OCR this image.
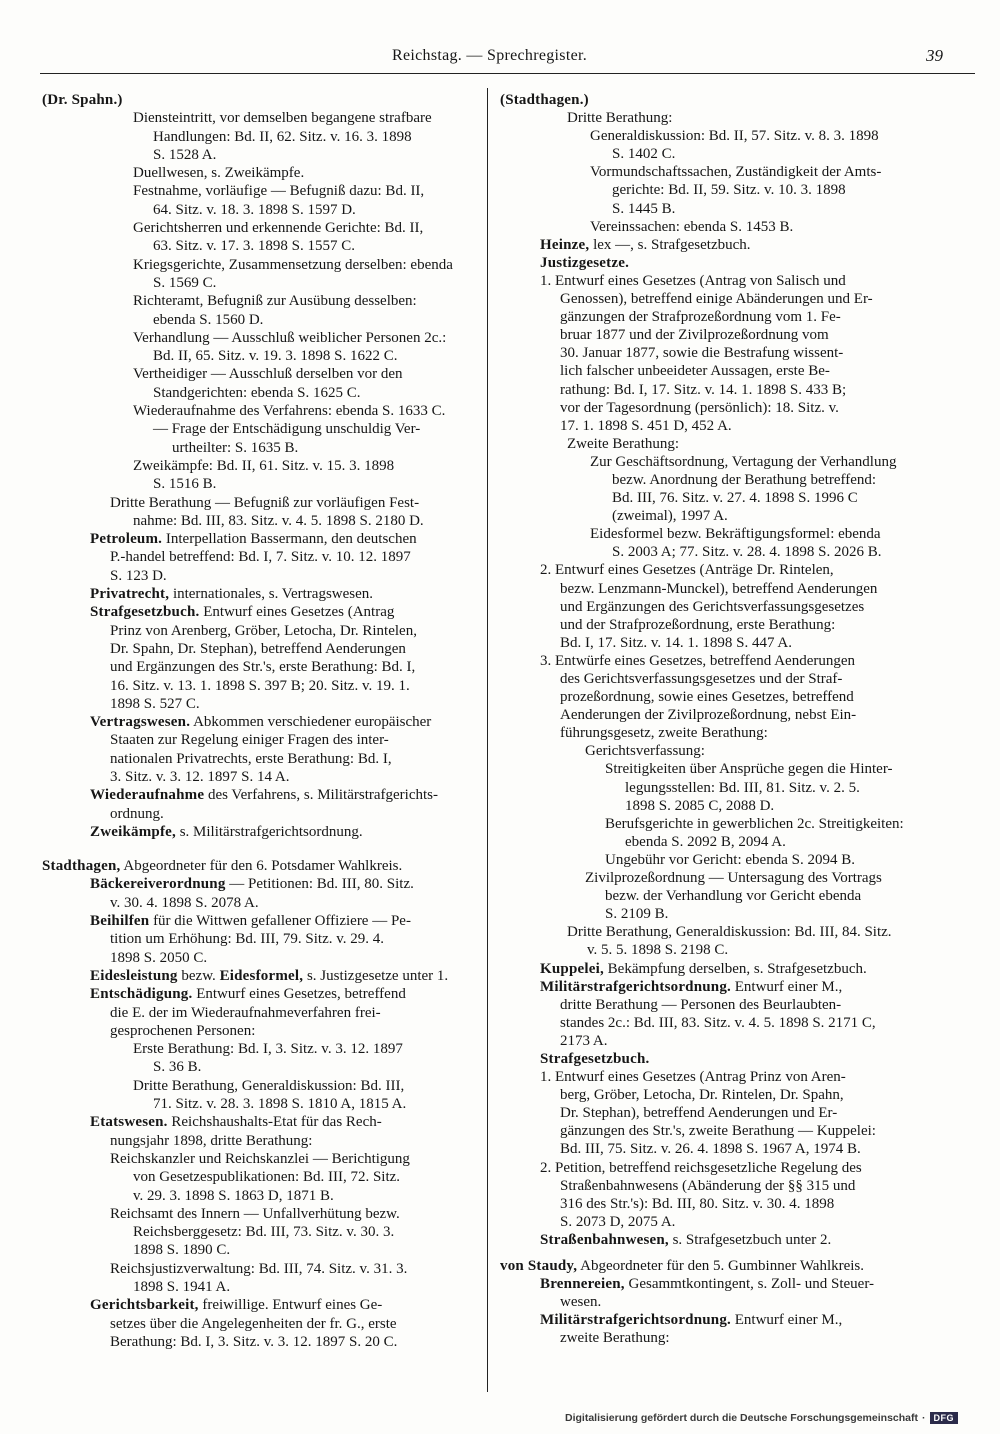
Reichstag. — Sprechregister.	39
(Dr. Spahn.)
Diensteintritt, vor demselben begangene strafbare
Handlungen: Bd. II, 62. Sitz. v. 16. 3. 1898
S. 1528 A.
Duellwesen, s. Zweikämpfe.
Festnahme, vorläufige — Befugniß dazu: Bd. II,
64. Sitz. v. 18. 3. 1898 S. 1597 D.
Gerichtsherren und erkennende Gerichte: Bd. II,
63. Sitz. v. 17. 3. 1898 S. 1557 C.
Kriegsgerichte, Zusammensetzung derselben: ebenda
S. 1569 C.
Richteramt, Befugniß zur Ausübung desselben:
ebenda S. 1560 D.
Verhandlung — Ausschluß weiblicher Personen 2c.:
Bd. II, 65. Sitz. v. 19. 3. 1898 S. 1622 C.
Vertheidiger — Ausschluß derselben vor den
Standgerichten: ebenda S. 1625 C.
Wiederaufnahme des Verfahrens: ebenda S. 1633 C.
— Frage der Entschädigung unschuldig Ver-
urtheilter: S. 1635 B.
Zweikämpfe: Bd. II, 61. Sitz. v. 15. 3. 1898
S. 1516 B.
Dritte Berathung — Befugniß zur vorläufigen Fest-
nahme: Bd. III, 83. Sitz. v. 4. 5. 1898 S. 2180 D.
Petroleum. Interpellation Bassermann, den deutschen
P.-handel betreffend: Bd. I, 7. Sitz. v. 10. 12. 1897
S. 123 D.
Privatrecht, internationales, s. Vertragswesen.
Strafgesetzbuch. Entwurf eines Gesetzes (Antrag
Prinz von Arenberg, Gröber, Letocha, Dr. Rintelen,
Dr. Spahn, Dr. Stephan), betreffend Aenderungen
und Ergänzungen des Str.'s, erste Berathung: Bd. I,
16. Sitz. v. 13. 1. 1898 S. 397 B; 20. Sitz. v. 19. 1.
1898 S. 527 C.
Vertragswesen. Abkommen verschiedener europäischer
Staaten zur Regelung einiger Fragen des inter-
nationalen Privatrechts, erste Berathung: Bd. I,
3. Sitz. v. 3. 12. 1897 S. 14 A.
Wiederaufnahme des Verfahrens, s. Militärstrafgerichts-
ordnung.
Zweikämpfe, s. Militärstrafgerichtsordnung.
Stadthagen, Abgeordneter für den 6. Potsdamer Wahlkreis.
Bäckereiverordnung — Petitionen: Bd. III, 80. Sitz.
v. 30. 4. 1898 S. 2078 A.
Beihilfen für die Wittwen gefallener Offiziere — Pe-
tition um Erhöhung: Bd. III, 79. Sitz. v. 29. 4.
1898 S. 2050 C.
Eidesleistung bezw. Eidesformel, s. Justizgesetze unter 1.
Entschädigung. Entwurf eines Gesetzes, betreffend
die E. der im Wiederaufnahmeverfahren frei-
gesprochenen Personen:
Erste Berathung: Bd. I, 3. Sitz. v. 3. 12. 1897
S. 36 B.
Dritte Berathung, Generaldiskussion: Bd. III,
71. Sitz. v. 28. 3. 1898 S. 1810 A, 1815 A.
Etatswesen. Reichshaushalts-Etat für das Rech-
nungsjahr 1898, dritte Berathung:
Reichskanzler und Reichskanzlei — Berichtigung
von Gesetzespublikationen: Bd. III, 72. Sitz.
v. 29. 3. 1898 S. 1863 D, 1871 B.
Reichsamt des Innern — Unfallverhütung bezw.
Reichsberggesetz: Bd. III, 73. Sitz. v. 30. 3.
1898 S. 1890 C.
Reichsjustizverwaltung: Bd. III, 74. Sitz. v. 31. 3.
1898 S. 1941 A.
Gerichtsbarkeit, freiwillige. Entwurf eines Ge-
setzes über die Angelegenheiten der fr. G., erste
Berathung: Bd. I, 3. Sitz. v. 3. 12. 1897 S. 20 C.
(Stadthagen.)
Dritte Berathung:
Generaldiskussion: Bd. II, 57. Sitz. v. 8. 3. 1898
S. 1402 C.
Vormundschaftssachen, Zuständigkeit der Amts-
gerichte: Bd. II, 59. Sitz. v. 10. 3. 1898
S. 1445 B.
Vereinssachen: ebenda S. 1453 B.
Heinze, lex —, s. Strafgesetzbuch.
Justizgesetze.
1. Entwurf eines Gesetzes (Antrag von Salisch und
Genossen), betreffend einige Abänderungen und Er-
gänzungen der Strafprozeßordnung vom 1. Fe-
bruar 1877 und der Zivilprozeßordnung vom
30. Januar 1877, sowie die Bestrafung wissent-
lich falscher unbeeideter Aussagen, erste Be-
rathung: Bd. I, 17. Sitz. v. 14. 1. 1898 S. 433 B;
vor der Tagesordnung (persönlich): 18. Sitz. v.
17. 1. 1898 S. 451 D, 452 A.
Zweite Berathung:
Zur Geschäftsordnung, Vertagung der Verhandlung
bezw. Anordnung der Berathung betreffend:
Bd. III, 76. Sitz. v. 27. 4. 1898 S. 1996 C
(zweimal), 1997 A.
Eidesformel bezw. Bekräftigungsformel: ebenda
S. 2003 A; 77. Sitz. v. 28. 4. 1898 S. 2026 B.
2. Entwurf eines Gesetzes (Anträge Dr. Rintelen,
bezw. Lenzmann-Munckel), betreffend Aenderungen
und Ergänzungen des Gerichtsverfassungsgesetzes
und der Strafprozeßordnung, erste Berathung:
Bd. I, 17. Sitz. v. 14. 1. 1898 S. 447 A.
3. Entwürfe eines Gesetzes, betreffend Aenderungen
des Gerichtsverfassungsgesetzes und der Straf-
prozeßordnung, sowie eines Gesetzes, betreffend
Aenderungen der Zivilprozeßordnung, nebst Ein-
führungsgesetz, zweite Berathung:
Gerichtsverfassung:
Streitigkeiten über Ansprüche gegen die Hinter-
legungsstellen: Bd. III, 81. Sitz. v. 2. 5.
1898 S. 2085 C, 2088 D.
Berufsgerichte in gewerblichen 2c. Streitigkeiten:
ebenda S. 2092 B, 2094 A.
Ungebühr vor Gericht: ebenda S. 2094 B.
Zivilprozeßordnung — Untersagung des Vortrags
bezw. der Verhandlung vor Gericht ebenda
S. 2109 B.
Dritte Berathung, Generaldiskussion: Bd. III, 84. Sitz.
v. 5. 5. 1898 S. 2198 C.
Kuppelei, Bekämpfung derselben, s. Strafgesetzbuch.
Militärstrafgerichtsordnung. Entwurf einer M.,
dritte Berathung — Personen des Beurlaubten-
standes 2c.: Bd. III, 83. Sitz. v. 4. 5. 1898 S. 2171 C,
2173 A.
Strafgesetzbuch.
1. Entwurf eines Gesetzes (Antrag Prinz von Aren-
berg, Gröber, Letocha, Dr. Rintelen, Dr. Spahn,
Dr. Stephan), betreffend Aenderungen und Er-
gänzungen des Str.'s, zweite Berathung — Kuppelei:
Bd. III, 75. Sitz. v. 26. 4. 1898 S. 1967 A, 1974 B.
2. Petition, betreffend reichsgesetzliche Regelung des
Straßenbahnwesens (Abänderung der §§ 315 und
316 des Str.'s): Bd. III, 80. Sitz. v. 30. 4. 1898
S. 2073 D, 2075 A.
Straßenbahnwesen, s. Strafgesetzbuch unter 2.
von Staudy, Abgeordneter für den 5. Gumbinner Wahlkreis.
Brennereien, Gesammtkontingent, s. Zoll- und Steuer-
wesen.
Militärstrafgerichtsordnung. Entwurf einer M.,
zweite Berathung:
Digitalisierung gefördert durch die Deutsche Forschungsgemeinschaft · DFG
